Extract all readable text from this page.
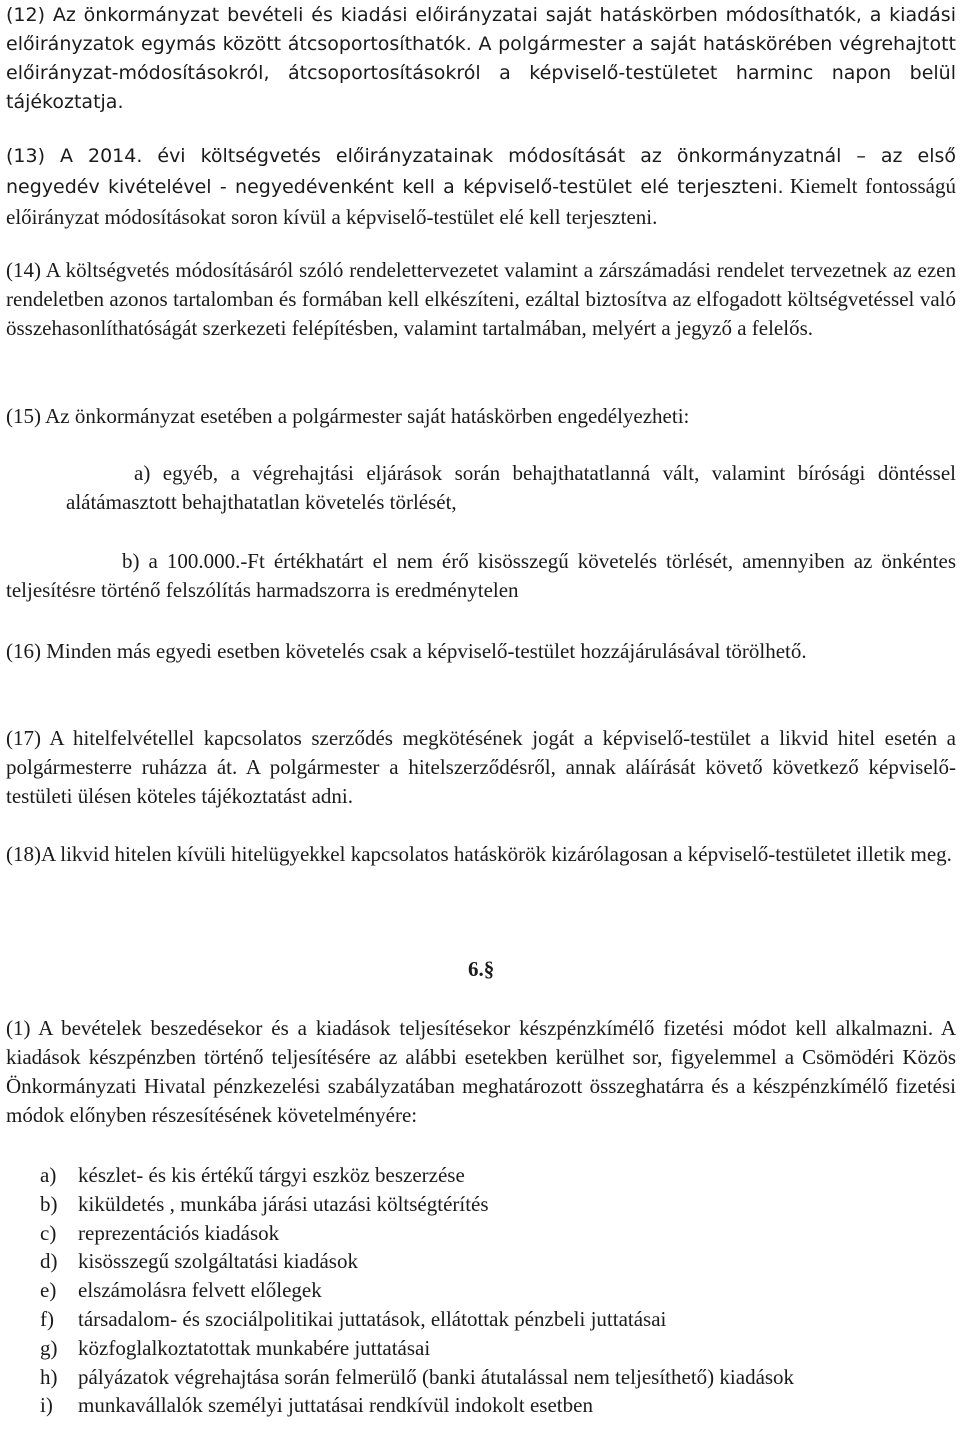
(12) Az önkormányzat bevételi és kiadási előirányzatai saját hatáskörben módosíthatók, a kiadási előirányzatok egymás között átcsoportosíthatók. A polgármester a saját hatáskörében végrehajtott előirányzat-módosításokról, átcsoportosításokról a képviselő-testületet harminc napon belül tájékoztatja.

(13) A 2014. évi költségvetés előirányzatainak módosítását az önkormányzatnál – az első negyedév kivételével - negyedévenként kell a képviselő-testület elé terjeszteni. Kiemelt fontosságú előirányzat módosításokat soron kívül a képviselő-testület elé kell terjeszteni.

(14) A költségvetés módosításáról szóló rendelettervezetet valamint a zárszámadási rendelet tervezetnek az ezen rendeletben azonos tartalomban és formában kell elkészíteni, ezáltal biztosítva az elfogadott költségvetéssel való összehasonlíthatóságát szerkezeti felépítésben, valamint tartalmában, melyért a jegyző a felelős.

(15) Az önkormányzat esetében a polgármester saját hatáskörben engedélyezheti:

a) egyéb, a végrehajtási eljárások során behajthatatlanná vált, valamint bírósági döntéssel alátámasztott behajthatatlan követelés törlését,

b) a 100.000.-Ft értékhatárt el nem érő kisösszegű követelés törlését, amennyiben az önkéntes teljesítésre történő felszólítás harmadszorra is eredménytelen

(16) Minden más egyedi esetben követelés csak a képviselő-testület hozzájárulásával törölhető.

(17) A hitelfelvétellel kapcsolatos szerződés megkötésének jogát a képviselő-testület a likvid hitel esetén a polgármesterre ruházza át. A polgármester a hitelszerződésről, annak aláírását követő következő képviselő-testületi ülésen köteles tájékoztatást adni.

(18)A likvid hitelen kívüli hitelügyekkel kapcsolatos hatáskörök kizárólagosan a képviselő-testületet illetik meg.

6.§

(1) A bevételek beszedésekor és a kiadások teljesítésekor készpénzkímélő fizetési módot kell alkalmazni. A kiadások készpénzben történő teljesítésére az alábbi esetekben kerülhet sor, figyelemmel a Csömödéri Közös Önkormányzati Hivatal pénzkezelési szabályzatában meghatározott összeghatárra és a készpénzkímélő fizetési módok előnyben részesítésének követelményére:

a) készlet- és kis értékű tárgyi eszköz beszerzése
b) kiküldetés , munkába járási utazási költségtérítés
c) reprezentációs kiadások
d) kisösszegű szolgáltatási kiadások
e) elszámolásra felvett előlegek
f) társadalom- és szociálpolitikai juttatások, ellátottak pénzbeli juttatásai
g) közfoglalkoztatottak munkabére juttatásai
h) pályázatok végrehajtása során felmerülő (banki átutalással nem teljesíthető) kiadások
i) munkavállalók személyi juttatásai rendkívül indokolt esetben
